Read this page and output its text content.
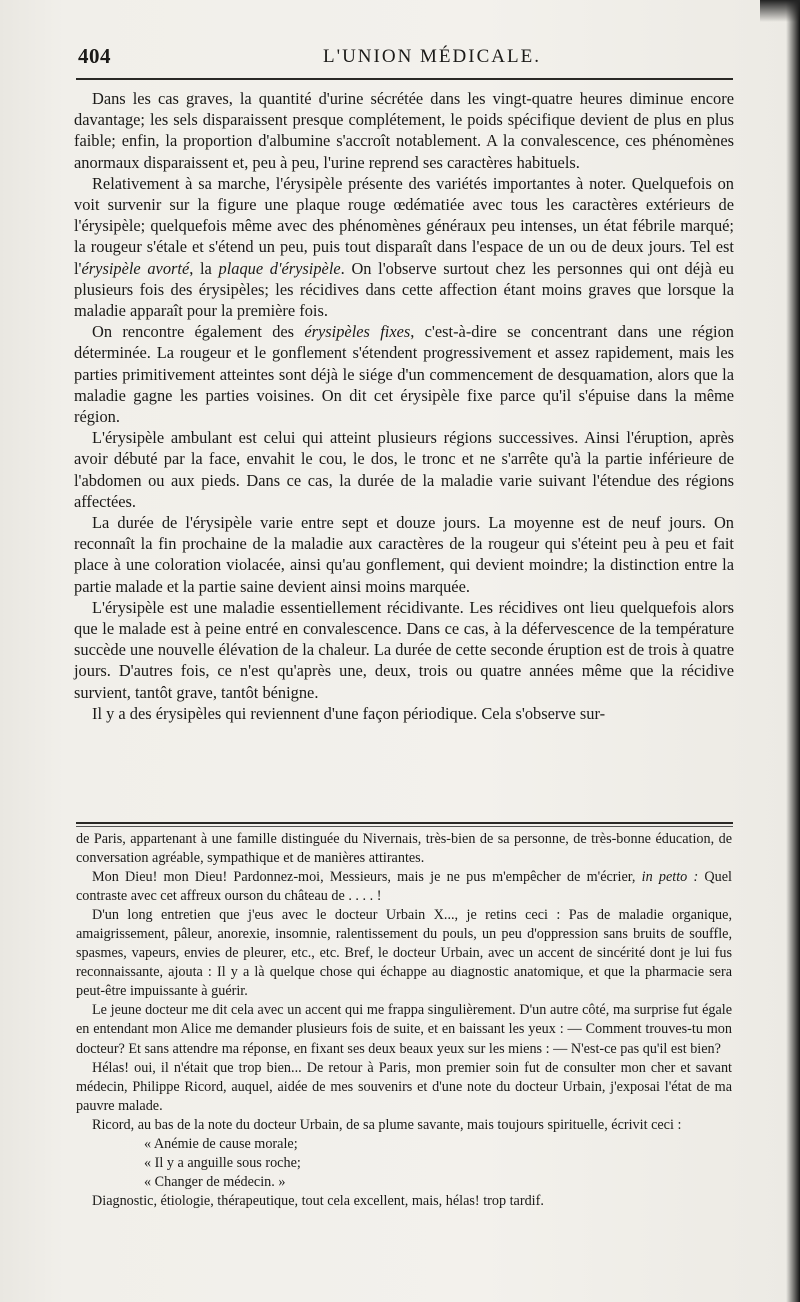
404	L'UNION MÉDICALE.

Dans les cas graves, la quantité d'urine sécrétée dans les vingt-quatre heures diminue encore davantage; les sels disparaissent presque complétement, le poids spécifique devient de plus en plus faible; enfin, la proportion d'albumine s'accroît notablement. A la convalescence, ces phénomènes anormaux disparaissent et, peu à peu, l'urine reprend ses caractères habituels.

Relativement à sa marche, l'érysipèle présente des variétés importantes à noter. Quelquefois on voit survenir sur la figure une plaque rouge œdématiée avec tous les caractères extérieurs de l'érysipèle; quelquefois même avec des phénomènes généraux peu intenses, un état fébrile marqué; la rougeur s'étale et s'étend un peu, puis tout disparaît dans l'espace de un ou de deux jours. Tel est l'érysipèle avorté, la plaque d'érysipèle. On l'observe surtout chez les personnes qui ont déjà eu plusieurs fois des érysipèles; les récidives dans cette affection étant moins graves que lorsque la maladie apparaît pour la première fois.

On rencontre également des érysipèles fixes, c'est-à-dire se concentrant dans une région déterminée. La rougeur et le gonflement s'étendent progressivement et assez rapidement, mais les parties primitivement atteintes sont déjà le siége d'un commencement de desquamation, alors que la maladie gagne les parties voisines. On dit cet érysipèle fixe parce qu'il s'épuise dans la même région.

L'érysipèle ambulant est celui qui atteint plusieurs régions successives. Ainsi l'éruption, après avoir débuté par la face, envahit le cou, le dos, le tronc et ne s'arrête qu'à la partie inférieure de l'abdomen ou aux pieds. Dans ce cas, la durée de la maladie varie suivant l'étendue des régions affectées.

La durée de l'érysipèle varie entre sept et douze jours. La moyenne est de neuf jours. On reconnaît la fin prochaine de la maladie aux caractères de la rougeur qui s'éteint peu à peu et fait place à une coloration violacée, ainsi qu'au gonflement, qui devient moindre; la distinction entre la partie malade et la partie saine devient ainsi moins marquée.

L'érysipèle est une maladie essentiellement récidivante. Les récidives ont lieu quelquefois alors que le malade est à peine entré en convalescence. Dans ce cas, à la défervescence de la température succède une nouvelle élévation de la chaleur. La durée de cette seconde éruption est de trois à quatre jours. D'autres fois, ce n'est qu'après une, deux, trois ou quatre années même que la récidive survient, tantôt grave, tantôt bénigne.

Il y a des érysipèles qui reviennent d'une façon périodique. Cela s'observe sur-

de Paris, appartenant à une famille distinguée du Nivernais, très-bien de sa personne, de très-bonne éducation, de conversation agréable, sympathique et de manières attirantes.

Mon Dieu! mon Dieu! Pardonnez-moi, Messieurs, mais je ne pus m'empêcher de m'écrier, in petto : Quel contraste avec cet affreux ourson du château de . . . . !

D'un long entretien que j'eus avec le docteur Urbain X..., je retins ceci : Pas de maladie organique, amaigrissement, pâleur, anorexie, insomnie, ralentissement du pouls, un peu d'oppression sans bruits de souffle, spasmes, vapeurs, envies de pleurer, etc., etc. Bref, le docteur Urbain, avec un accent de sincérité dont je lui fus reconnaissante, ajouta : Il y a là quelque chose qui échappe au diagnostic anatomique, et que la pharmacie sera peut-être impuissante à guérir.

Le jeune docteur me dit cela avec un accent qui me frappa singulièrement. D'un autre côté, ma surprise fut égale en entendant mon Alice me demander plusieurs fois de suite, et en baissant les yeux : — Comment trouves-tu mon docteur? Et sans attendre ma réponse, en fixant ses deux beaux yeux sur les miens : — N'est-ce pas qu'il est bien?

Hélas! oui, il n'était que trop bien... De retour à Paris, mon premier soin fut de consulter mon cher et savant médecin, Philippe Ricord, auquel, aidée de mes souvenirs et d'une note du docteur Urbain, j'exposai l'état de ma pauvre malade.

Ricord, au bas de la note du docteur Urbain, de sa plume savante, mais toujours spirituelle, écrivit ceci :

« Anémie de cause morale;

« Il y a anguille sous roche;

« Changer de médecin. »

Diagnostic, étiologie, thérapeutique, tout cela excellent, mais, hélas! trop tardif.
